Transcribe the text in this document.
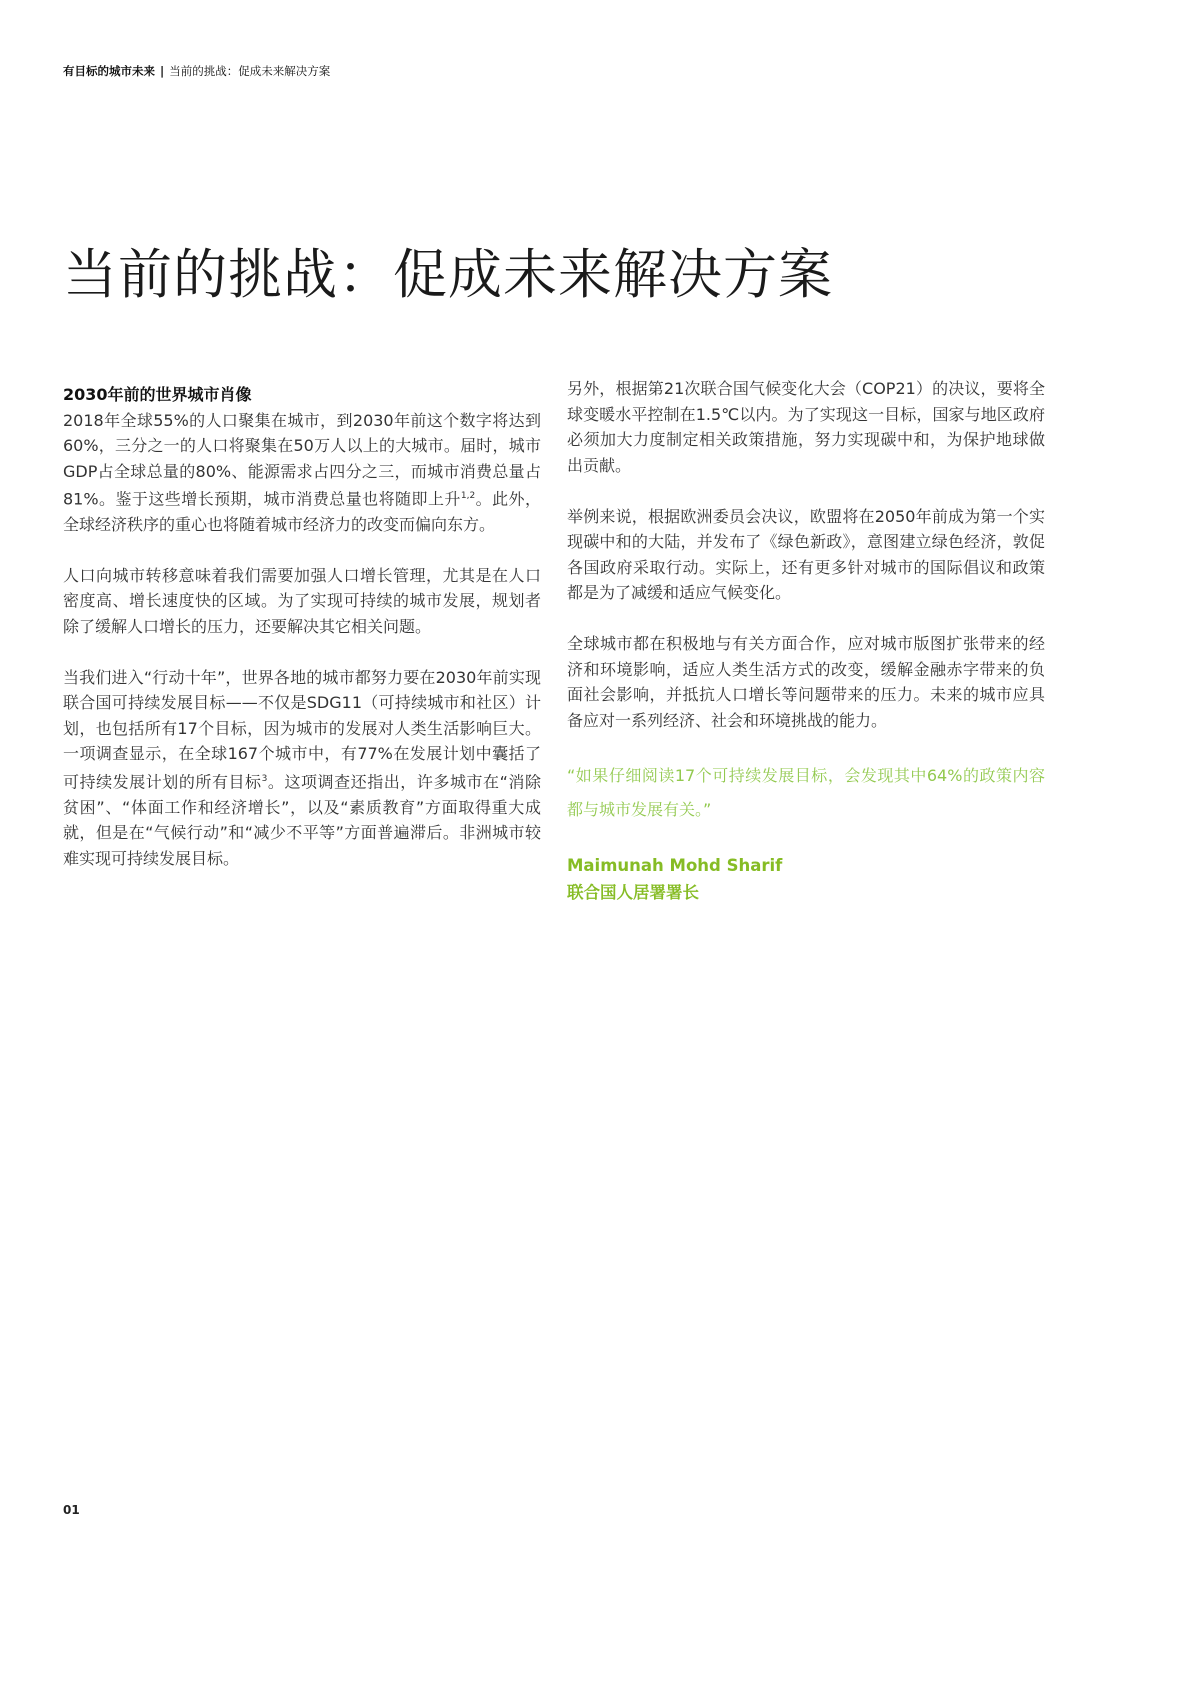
有目标的城市未来 | 当前的挑战：促成未来解决方案
当前的挑战：促成未来解决方案
2030年前的世界城市肖像

2018年全球55%的人口聚集在城市，到2030年前这个数字将达到60%，三分之一的人口将聚集在50万人以上的大城市。届时，城市GDP占全球总量的80%、能源需求占四分之三，而城市消费总量占81%。鉴于这些增长预期，城市消费总量也将随即上升$^{1,2}$。此外，全球经济秩序的重心也将随着城市经济力的改变而偏向东方。

人口向城市转移意味着我们需要加强人口增长管理，尤其是在人口密度高、增长速度快的区域。为了实现可持续的城市发展，规划者除了缓解人口增长的压力，还要解决其它相关问题。

当我们进入“行动十年”，世界各地的城市都努力要在2030年前实现联合国可持续发展目标——不仅是SDG11（可持续城市和社区）计划，也包括所有17个目标，因为城市的发展对人类生活影响巨大。一项调查显示，在全球167个城市中，有77%在发展计划中囊括了可持续发展计划的所有目标$^3$。这项调查还指出，许多城市在“消除贫困”、“体面工作和经济增长”，以及“素质教育”方面取得重大成就，但是在“气候行动”和“减少不平等”方面普遍滞后。非洲城市较难实现可持续发展目标。

另外，根据第21次联合国气候变化大会（COP21）的决议，要将全球变暖水平控制在1.5℃以内。为了实现这一目标，国家与地区政府必须加大力度制定相关政策措施，努力实现碳中和，为保护地球做出贡献。

举例来说，根据欧洲委员会决议，欧盟将在2050年前成为第一个实现碳中和的大陆，并发布了《绿色新政》，意图建立绿色经济，敦促各国政府采取行动。实际上，还有更多针对城市的国际倡议和政策都是为了减缓和适应气候变化。

全球城市都在积极地与有关方面合作，应对城市版图扩张带来的经济和环境影响，适应人类生活方式的改变，缓解金融赤字带来的负面社会影响，并抵抗人口增长等问题带来的压力。未来的城市应具备应对一系列经济、社会和环境挑战的能力。

“如果仔细阅读17个可持续发展目标，会发现其中64%的政策内容都与城市发展有关。”

Maimunah Mohd Sharif
联合国人居署署长
01
